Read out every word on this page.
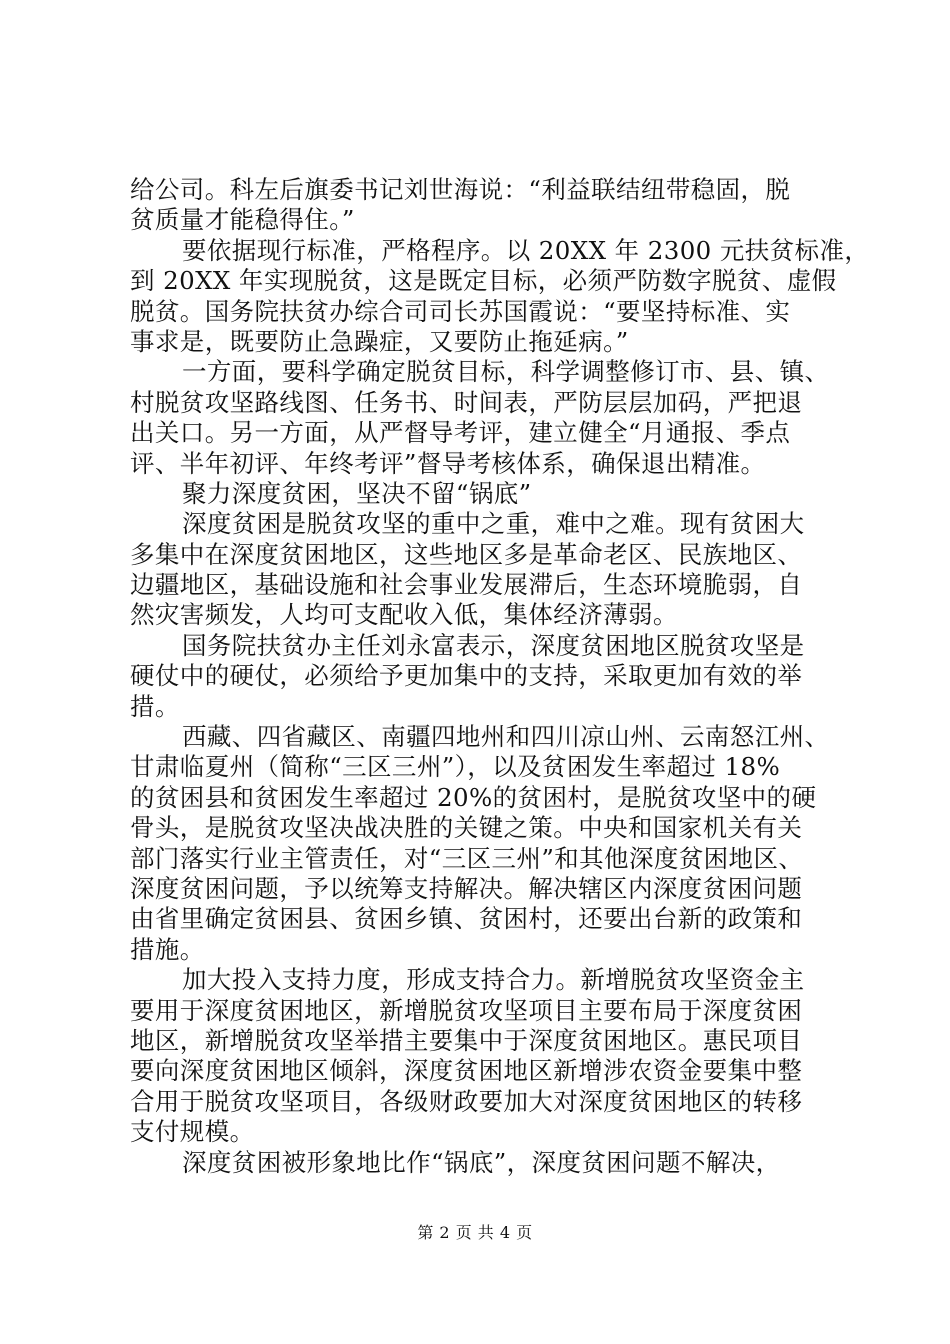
给公司。科左后旗委书记刘世海说：“利益联结纽带稳固，脱
贫质量才能稳得住。”
要依据现行标准，严格程序。以 20XX 年 2300 元扶贫标准，
到 20XX 年实现脱贫，这是既定目标，必须严防数字脱贫、虚假
脱贫。国务院扶贫办综合司司长苏国霞说：“要坚持标准、实
事求是，既要防止急躁症，又要防止拖延病。”
一方面，要科学确定脱贫目标，科学调整修订市、县、镇、
村脱贫攻坚路线图、任务书、时间表，严防层层加码，严把退
出关口。另一方面，从严督导考评，建立健全“月通报、季点
评、半年初评、年终考评”督导考核体系，确保退出精准。
聚力深度贫困，坚决不留“锅底”
深度贫困是脱贫攻坚的重中之重，难中之难。现有贫困大
多集中在深度贫困地区，这些地区多是革命老区、民族地区、
边疆地区，基础设施和社会事业发展滞后，生态环境脆弱，自
然灾害频发，人均可支配收入低，集体经济薄弱。
国务院扶贫办主任刘永富表示，深度贫困地区脱贫攻坚是
硬仗中的硬仗，必须给予更加集中的支持，采取更加有效的举
措。
西藏、四省藏区、南疆四地州和四川凉山州、云南怒江州、
甘肃临夏州（简称“三区三州”），以及贫困发生率超过 18%
的贫困县和贫困发生率超过 20%的贫困村，是脱贫攻坚中的硬
骨头，是脱贫攻坚决战决胜的关键之策。中央和国家机关有关
部门落实行业主管责任，对“三区三州”和其他深度贫困地区、
深度贫困问题，予以统筹支持解决。解决辖区内深度贫困问题
由省里确定贫困县、贫困乡镇、贫困村，还要出台新的政策和
措施。
加大投入支持力度，形成支持合力。新增脱贫攻坚资金主
要用于深度贫困地区，新增脱贫攻坚项目主要布局于深度贫困
地区，新增脱贫攻坚举措主要集中于深度贫困地区。惠民项目
要向深度贫困地区倾斜，深度贫困地区新增涉农资金要集中整
合用于脱贫攻坚项目，各级财政要加大对深度贫困地区的转移
支付规模。
深度贫困被形象地比作“锅底”，深度贫困问题不解决，
第 2 页 共 4 页
